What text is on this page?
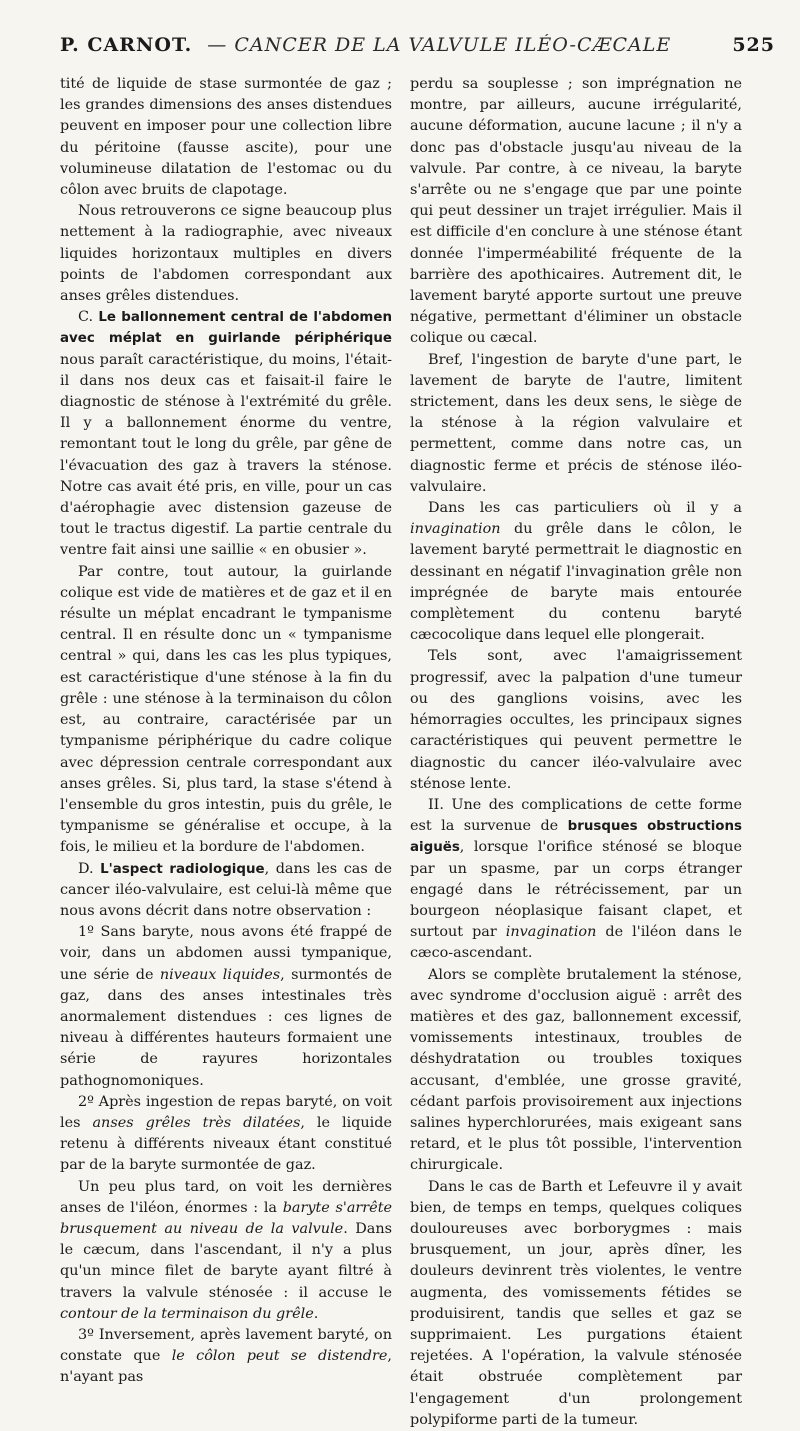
P. CARNOT. — CANCER DE LA VALVULE ILÉO-CÆCALE	525

tité de liquide de stase surmontée de gaz ; les grandes dimensions des anses distendues peuvent en imposer pour une collection libre du péritoine (fausse ascite), pour une volumineuse dilatation de l'estomac ou du côlon avec bruits de clapotage.

Nous retrouverons ce signe beaucoup plus nettement à la radiographie, avec niveaux liquides horizontaux multiples en divers points de l'abdomen correspondant aux anses grêles distendues.

C. Le ballonnement central de l'abdomen avec méplat en guirlande périphérique nous paraît caractéristique, du moins, l'était-il dans nos deux cas et faisait-il faire le diagnostic de sténose à l'extrémité du grêle. Il y a ballonnement énorme du ventre, remontant tout le long du grêle, par gêne de l'évacuation des gaz à travers la sténose. Notre cas avait été pris, en ville, pour un cas d'aérophagie avec distension gazeuse de tout le tractus digestif. La partie centrale du ventre fait ainsi une saillie « en obusier ».

Par contre, tout autour, la guirlande colique est vide de matières et de gaz et il en résulte un méplat encadrant le tympanisme central. Il en résulte donc un « tympanisme central » qui, dans les cas les plus typiques, est caractéristique d'une sténose à la fin du grêle : une sténose à la terminaison du côlon est, au contraire, caractérisée par un tympanisme périphérique du cadre colique avec dépression centrale correspondant aux anses grêles. Si, plus tard, la stase s'étend à l'ensemble du gros intestin, puis du grêle, le tympanisme se généralise et occupe, à la fois, le milieu et la bordure de l'abdomen.

D. L'aspect radiologique, dans les cas de cancer iléo-valvulaire, est celui-là même que nous avons décrit dans notre observation :

1º Sans baryte, nous avons été frappé de voir, dans un abdomen aussi tympanique, une série de niveaux liquides, surmontés de gaz, dans des anses intestinales très anormalement distendues : ces lignes de niveau à différentes hauteurs formaient une série de rayures horizontales pathognomoniques.

2º Après ingestion de repas baryté, on voit les anses grêles très dilatées, le liquide retenu à différents niveaux étant constitué par de la baryte surmontée de gaz.

Un peu plus tard, on voit les dernières anses de l'iléon, énormes : la baryte s'arrête brusquement au niveau de la valvule. Dans le cæcum, dans l'ascendant, il n'y a plus qu'un mince filet de baryte ayant filtré à travers la valvule sténosée : il accuse le contour de la terminaison du grêle.

3º Inversement, après lavement baryté, on constate que le côlon peut se distendre, n'ayant pas

perdu sa souplesse ; son imprégnation ne montre, par ailleurs, aucune irrégularité, aucune déformation, aucune lacune ; il n'y a donc pas d'obstacle jusqu'au niveau de la valvule. Par contre, à ce niveau, la baryte s'arrête ou ne s'engage que par une pointe qui peut dessiner un trajet irrégulier. Mais il est difficile d'en conclure à une sténose étant donnée l'imperméabilité fréquente de la barrière des apothicaires. Autrement dit, le lavement baryté apporte surtout une preuve négative, permettant d'éliminer un obstacle colique ou cæcal.

Bref, l'ingestion de baryte d'une part, le lavement de baryte de l'autre, limitent strictement, dans les deux sens, le siège de la sténose à la région valvulaire et permettent, comme dans notre cas, un diagnostic ferme et précis de sténose iléo-valvulaire.

Dans les cas particuliers où il y a invagination du grêle dans le côlon, le lavement baryté permettrait le diagnostic en dessinant en négatif l'invagination grêle non imprégnée de baryte mais entourée complètement du contenu baryté cæcocolique dans lequel elle plongerait.

Tels sont, avec l'amaigrissement progressif, avec la palpation d'une tumeur ou des ganglions voisins, avec les hémorragies occultes, les principaux signes caractéristiques qui peuvent permettre le diagnostic du cancer iléo-valvulaire avec sténose lente.

II. Une des complications de cette forme est la survenue de brusques obstructions aiguës, lorsque l'orifice sténosé se bloque par un spasme, par un corps étranger engagé dans le rétrécissement, par un bourgeon néoplasique faisant clapet, et surtout par invagination de l'iléon dans le cæco-ascendant.

Alors se complète brutalement la sténose, avec syndrome d'occlusion aiguë : arrêt des matières et des gaz, ballonnement excessif, vomissements intestinaux, troubles de déshydratation ou troubles toxiques accusant, d'emblée, une grosse gravité, cédant parfois provisoirement aux injections salines hyperchlorurées, mais exigeant sans retard, et le plus tôt possible, l'intervention chirurgicale.

Dans le cas de Barth et Lefeuvre il y avait bien, de temps en temps, quelques coliques douloureuses avec borborygmes : mais brusquement, un jour, après dîner, les douleurs devinrent très violentes, le ventre augmenta, des vomissements fétides se produisirent, tandis que selles et gaz se supprimaient. Les purgations étaient rejetées. A l'opération, la valvule sténosée était obstruée complètement par l'engagement d'un prolongement polypiforme parti de la tumeur.
